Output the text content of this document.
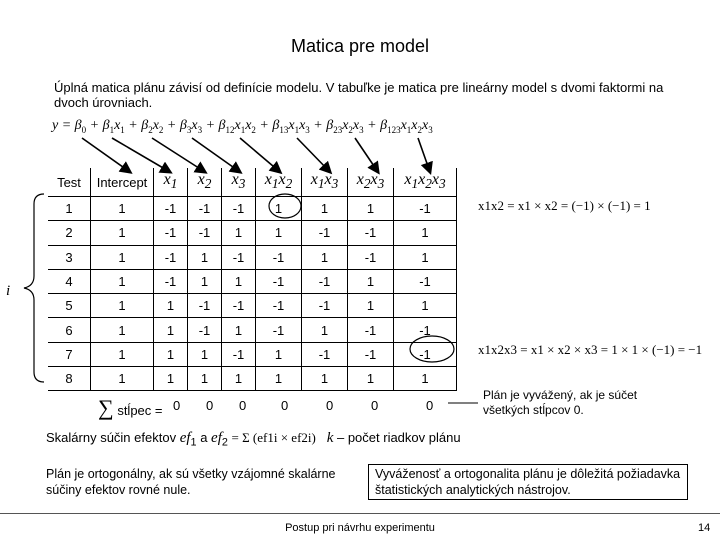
Matica pre model
Úplná matica plánu závisí od definície modelu. V tabuľke je matica pre lineárny model s dvomi faktormi na dvoch úrovniach.
$y = \beta_0 + \beta_1x_1 + \beta_2x_2 + \beta_3x_3 + \beta_{12}x_1x_2 + \beta_{13}x_1x_3 + \beta_{23}x_2x_3 + \beta_{123}x_1x_2x_3$
i
Test	Intercept	$x_1$	$x_2$	$x_3$	$x_1x_2$	$x_1x_3$	$x_2x_3$	$x_1x_2x_3$
1	1	-1	-1	-1	1	1	1	-1
2	1	-1	-1	1	1	-1	-1	1
3	1	-1	1	-1	-1	1	-1	1
4	1	-1	1	1	-1	-1	1	-1
5	1	1	-1	-1	-1	-1	1	1
6	1	1	-1	1	-1	1	-1	-1
7	1	1	1	-1	1	-1	-1	-1
8	1	1	1	1	1	1	1	1
∑ stĺpec = 0 0 0	0	0	0	0
x1x2 = x1 × x2 = (−1) × (−1) = 1
x1x2x3 = x1 × x2 × x3 = 1 × 1 × (−1) = −1
Plán je vyvážený, ak je súčet všetkých stĺpcov 0.
Skalárny súčin efektov $ef_1$ a $ef_2 = \Sigma$ (ef1i × ef2i) k – počet riadkov plánu
Plán je ortogonálny, ak sú všetky vzájomné skalárne súčiny efektov rovné nule.
Vyváženosť a ortogonalita plánu je dôležitá požiadavka štatistických analytických nástrojov.
Postup pri návrhu experimentu	14
